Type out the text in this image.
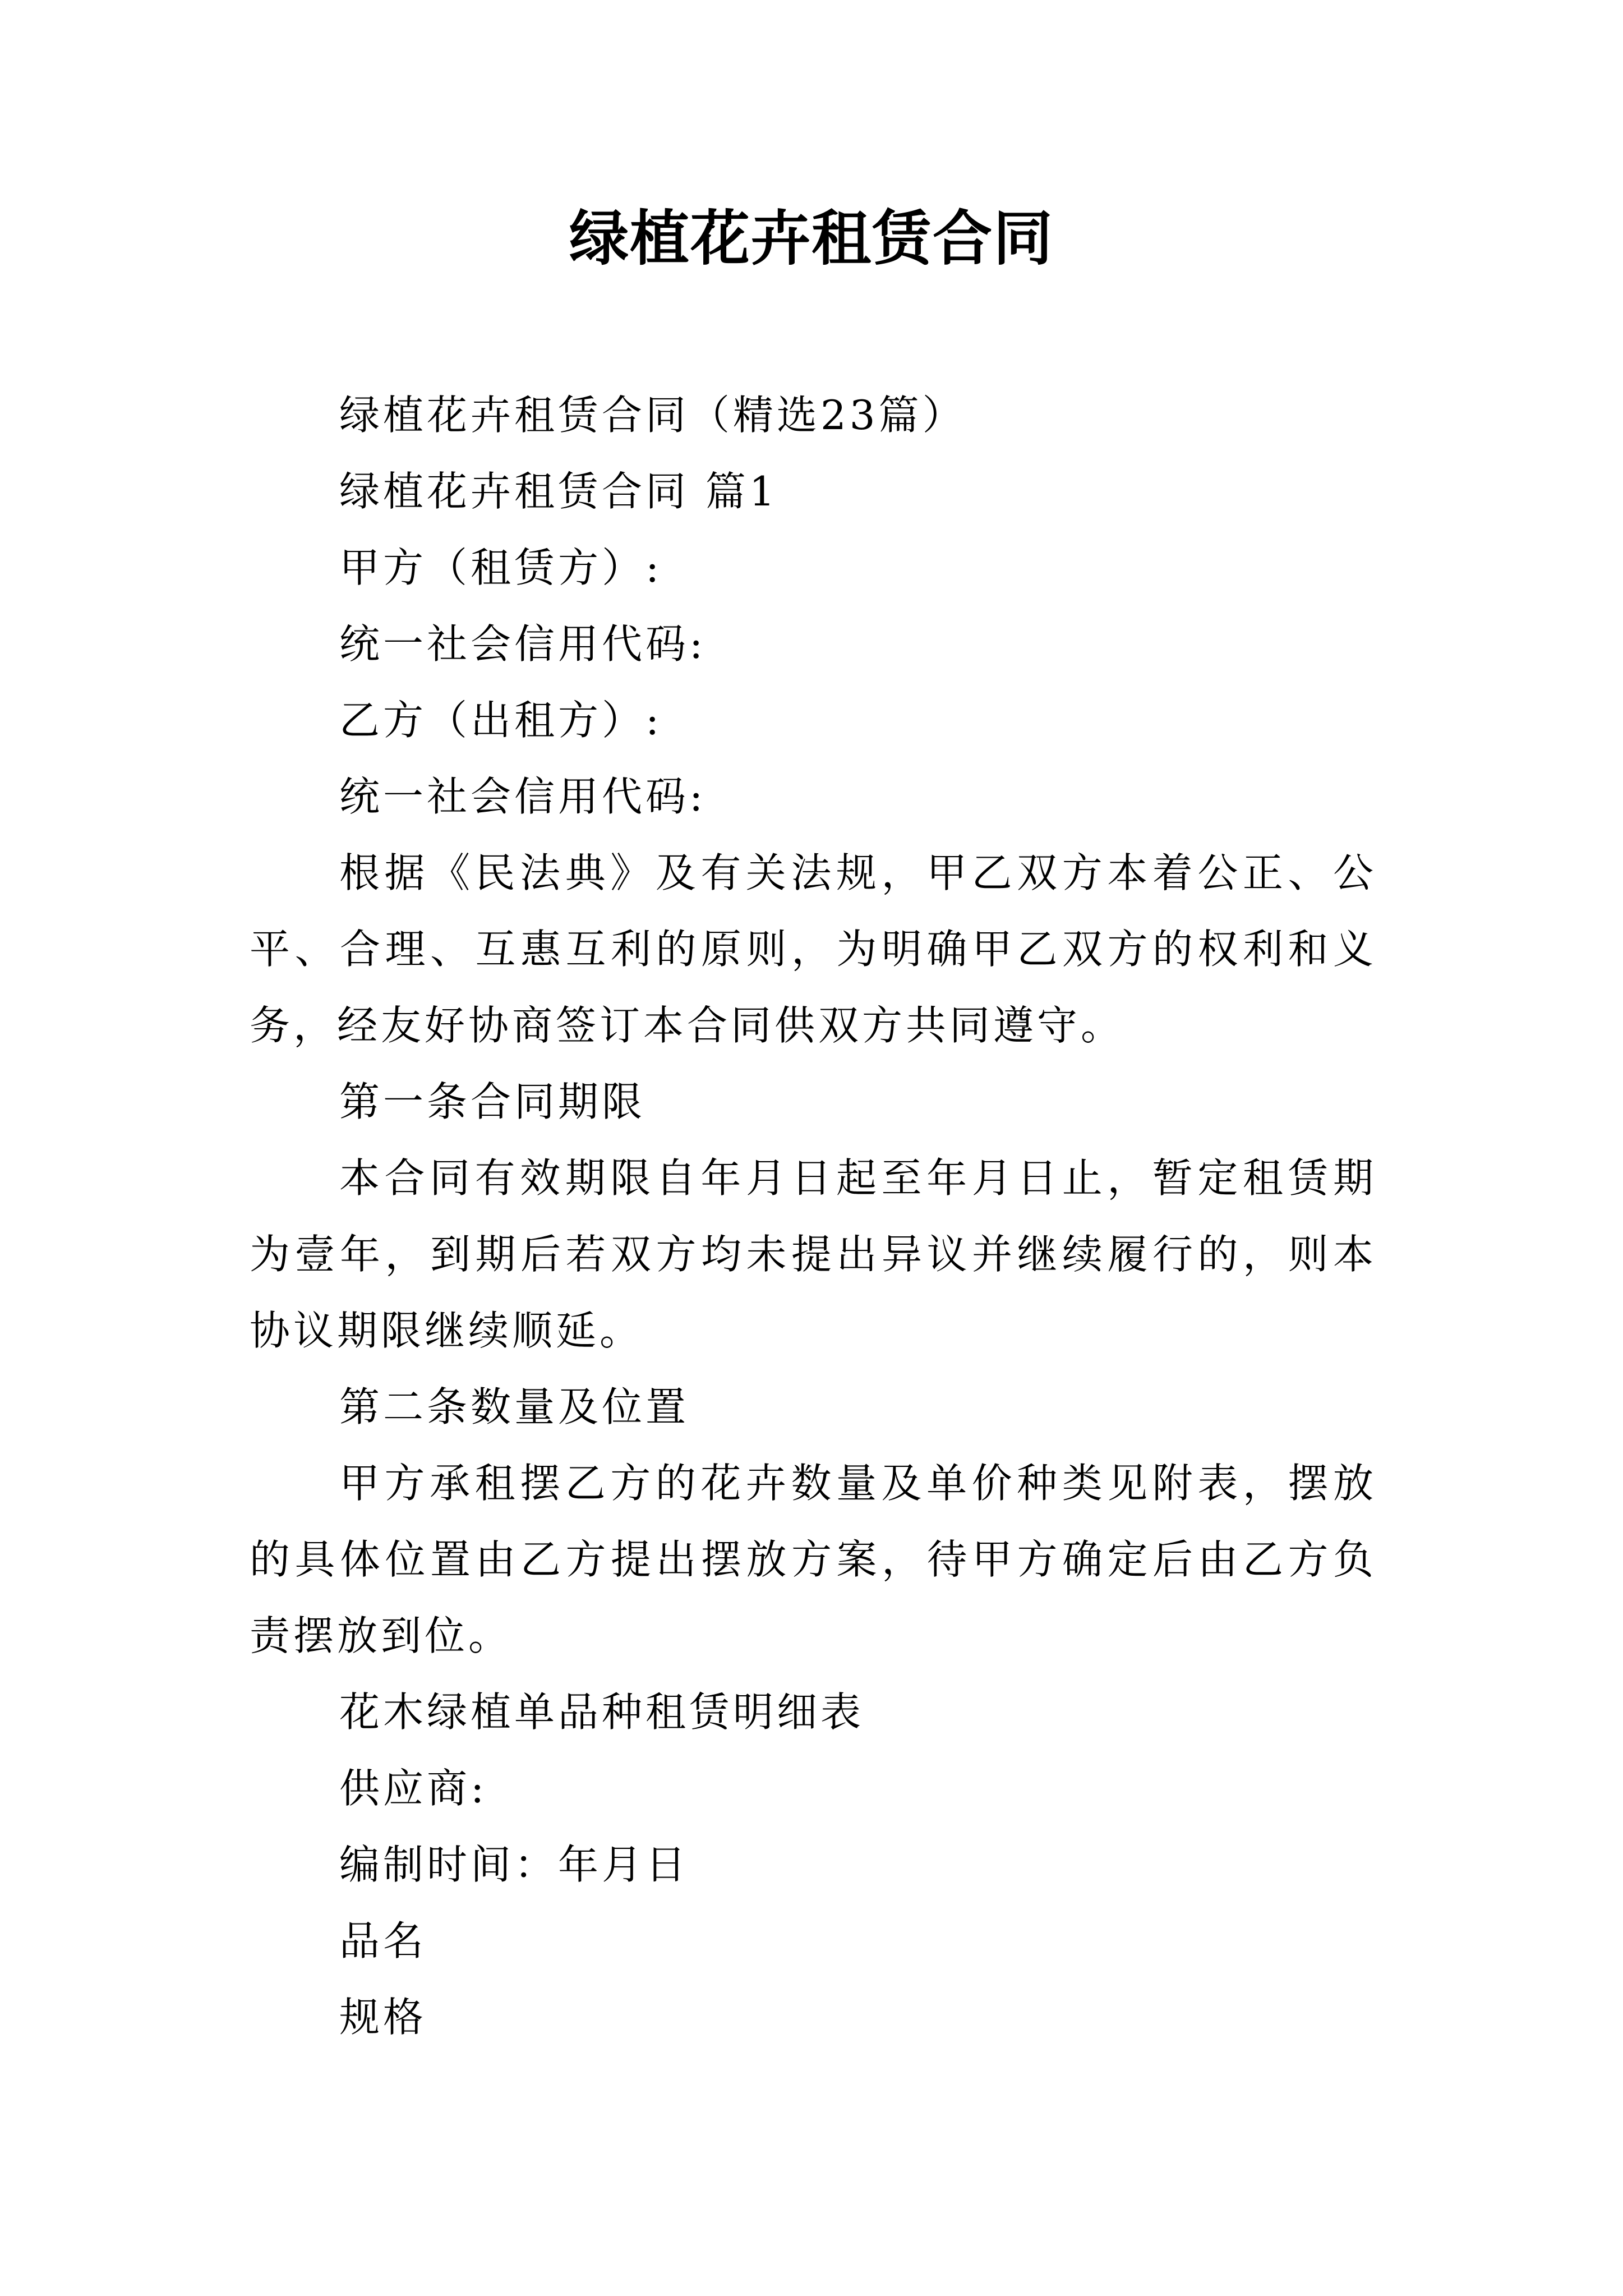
绿植花卉租赁合同

绿植花卉租赁合同（精选23篇）

绿植花卉租赁合同 篇1

甲方（租赁方）:

统一社会信用代码:

乙方（出租方）:

统一社会信用代码:

根据《民法典》及有关法规，甲乙双方本着公正、公平、合理、互惠互利的原则，为明确甲乙双方的权利和义务，经友好协商签订本合同供双方共同遵守。

第一条合同期限

本合同有效期限自年月日起至年月日止，暂定租赁期为壹年，到期后若双方均未提出异议并继续履行的，则本协议期限继续顺延。

第二条数量及位置

甲方承租摆乙方的花卉数量及单价种类见附表，摆放的具体位置由乙方提出摆放方案，待甲方确定后由乙方负责摆放到位。

花木绿植单品种租赁明细表

供应商:

编制时间：年月日

品名

规格
